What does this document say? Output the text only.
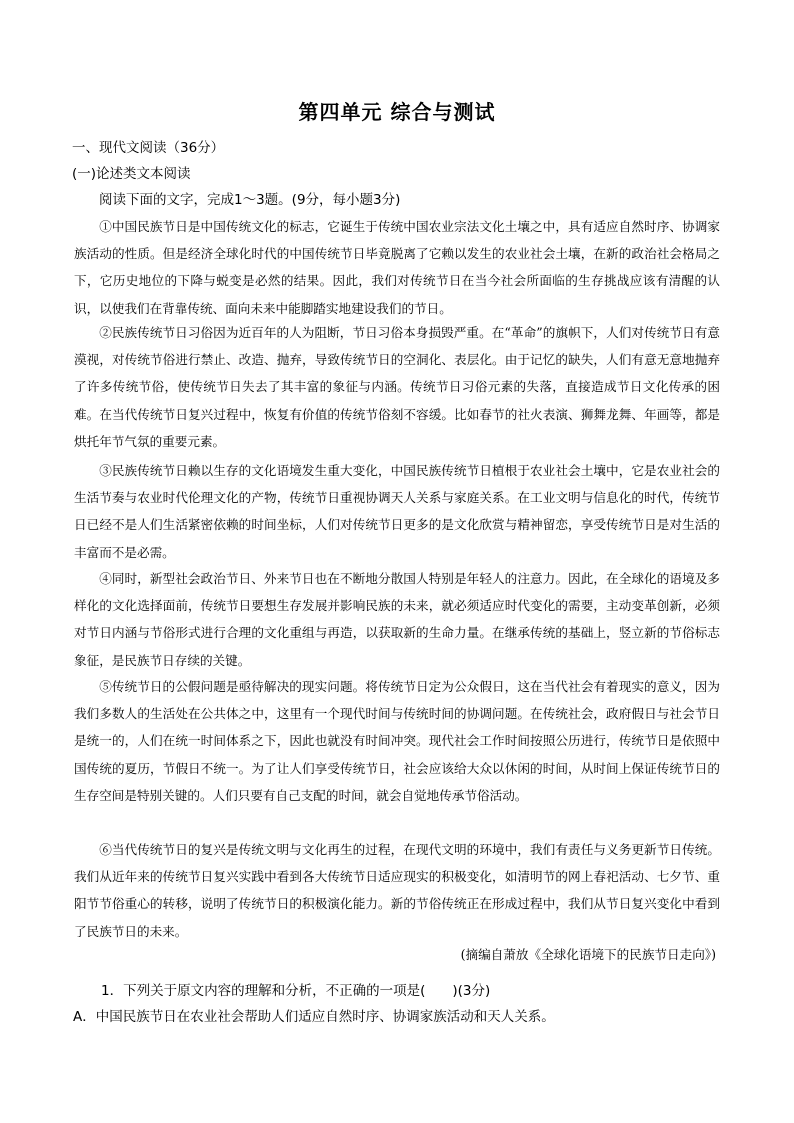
第四单元 综合与测试
一、现代文阅读（36分）
(一)论述类文本阅读
阅读下面的文字，完成1～3题。(9分，每小题3分)

①中国民族节日是中国传统文化的标志，它诞生于传统中国农业宗法文化土壤之中，具有适应自然时序、协调家族活动的性质。但是经济全球化时代的中国传统节日毕竟脱离了它赖以发生的农业社会土壤，在新的政治社会格局之下，它历史地位的下降与蜕变是必然的结果。因此，我们对传统节日在当今社会所面临的生存挑战应该有清醒的认识，以使我们在背靠传统、面向未来中能脚踏实地建设我们的节日。

②民族传统节日习俗因为近百年的人为阻断，节日习俗本身损毁严重。在“革命”的旗帜下，人们对传统节日有意漠视，对传统节俗进行禁止、改造、抛弃，导致传统节日的空洞化、表层化。由于记忆的缺失，人们有意无意地抛弃了许多传统节俗，使传统节日失去了其丰富的象征与内涵。传统节日习俗元素的失落，直接造成节日文化传承的困难。在当代传统节日复兴过程中，恢复有价值的传统节俗刻不容缓。比如春节的社火表演、狮舞龙舞、年画等，都是烘托年节气氛的重要元素。

③民族传统节日赖以生存的文化语境发生重大变化，中国民族传统节日植根于农业社会土壤中，它是农业社会的生活节奏与农业时代伦理文化的产物，传统节日重视协调天人关系与家庭关系。在工业文明与信息化的时代，传统节日已经不是人们生活紧密依赖的时间坐标，人们对传统节日更多的是文化欣赏与精神留恋，享受传统节日是对生活的丰富而不是必需。

④同时，新型社会政治节日、外来节日也在不断地分散国人特别是年轻人的注意力。因此，在全球化的语境及多样化的文化选择面前，传统节日要想生存发展并影响民族的未来，就必须适应时代变化的需要，主动变革创新，必须对节日内涵与节俗形式进行合理的文化重组与再造，以获取新的生命力量。在继承传统的基础上，竖立新的节俗标志象征，是民族节日存续的关键。

⑤传统节日的公假问题是亟待解决的现实问题。将传统节日定为公众假日，这在当代社会有着现实的意义，因为我们多数人的生活处在公共体之中，这里有一个现代时间与传统时间的协调问题。在传统社会，政府假日与社会节日是统一的，人们在统一时间体系之下，因此也就没有时间冲突。现代社会工作时间按照公历进行，传统节日是依照中国传统的夏历，节假日不统一。为了让人们享受传统节日，社会应该给大众以休闲的时间，从时间上保证传统节日的生存空间是特别关键的。人们只要有自己支配的时间，就会自觉地传承节俗活动。

⑥当代传统节日的复兴是传统文明与文化再生的过程，在现代文明的环境中，我们有责任与义务更新节日传统。我们从近年来的传统节日复兴实践中看到各大传统节日适应现实的积极变化，如清明节的网上春祀活动、七夕节、重阳节节俗重心的转移，说明了传统节日的积极演化能力。新的节俗传统正在形成过程中，我们从节日复兴变化中看到了民族节日的未来。

(摘编自萧放《全球化语境下的民族节日走向》)
1．下列关于原文内容的理解和分析，不正确的一项是(　　)(3分)
A．中国民族节日在农业社会帮助人们适应自然时序、协调家族活动和天人关系。
